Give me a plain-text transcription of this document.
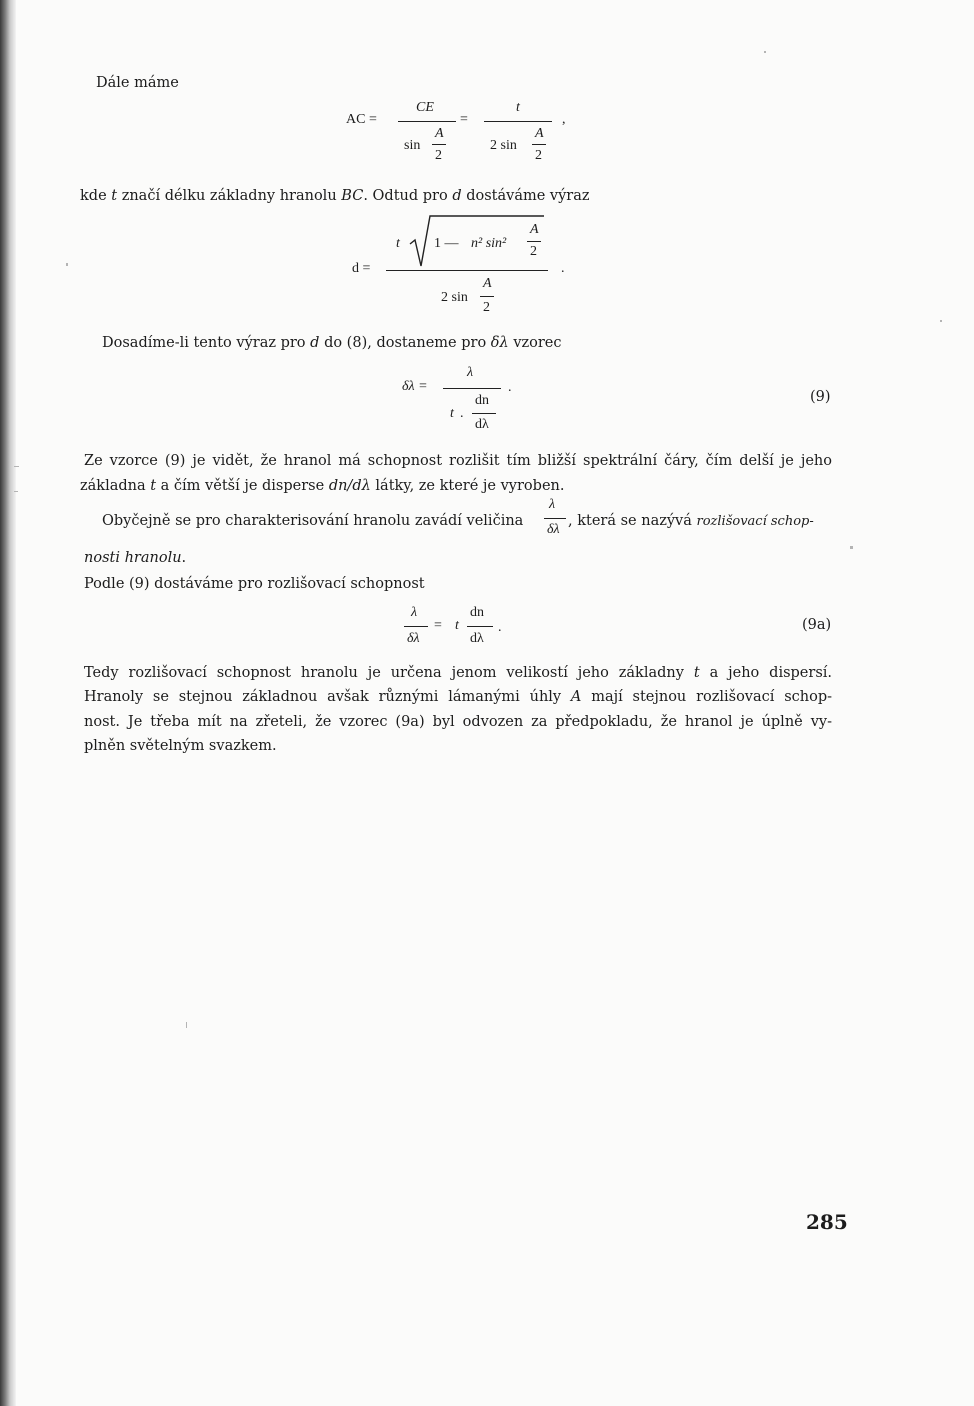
Dále máme
AC =
CE
A
sin
2
=
t
A
2 sin
2
,
kde t značí délku základny hranolu BC. Odtud pro d dostáváme výraz
d =
t 1 — n² sin²
A
2
A
2 sin
2
.
Dosadíme-li tento výraz pro d do (8), dostaneme pro δλ vzorec
δλ =
λ
t .
dn
dλ
.
(9)
Ze vzorce (9) je vidět, že hranol má schopnost rozlišit tím bližší spektrální čáry, čím delší je jeho
základna t a čím větší je disperse dn/dλ látky, ze které je vyroben.
Obyčejně se pro charakterisování hranolu zavádí veličina
λ
δλ
, která se nazývá rozlišovací schop-
nosti hranolu.
Podle (9) dostáváme pro rozlišovací schopnost
λ
δλ
= t
dn
dλ
.	(9a)
Tedy rozlišovací schopnost hranolu je určena jenom velikostí jeho základny t a jeho dispersí.
Hranoly se stejnou základnou avšak různými lámanými úhly A mají stejnou rozlišovací schop-
nost. Je třeba mít na zřeteli, že vzorec (9a) byl odvozen za předpokladu, že hranol je úplně vy-
plněn světelným svazkem.
285
